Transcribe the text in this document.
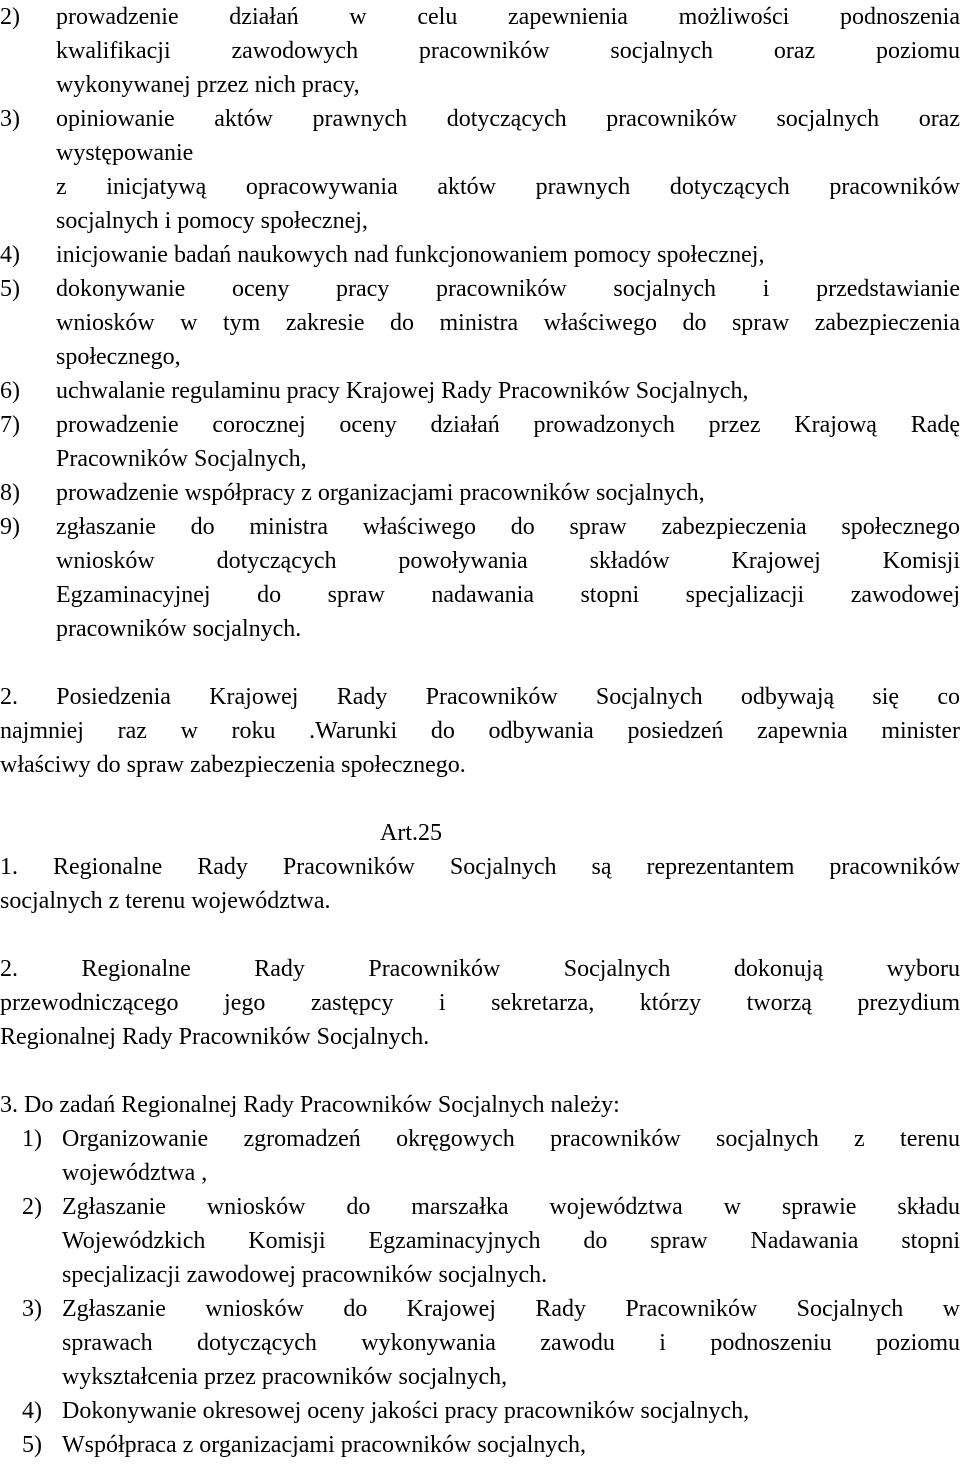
2)	prowadzenie działań w celu zapewnienia możliwości podnoszenia
kwalifikacji zawodowych pracowników socjalnych oraz poziomu
wykonywanej przez nich pracy,
3)	opiniowanie aktów prawnych dotyczących pracowników socjalnych oraz
występowanie
z inicjatywą opracowywania aktów prawnych dotyczących pracowników
socjalnych i pomocy społecznej,
4)	inicjowanie badań naukowych nad funkcjonowaniem pomocy społecznej,
5)	dokonywanie oceny pracy pracowników socjalnych i przedstawianie
wniosków w tym zakresie do ministra właściwego do spraw zabezpieczenia
społecznego,
6)	uchwalanie regulaminu pracy Krajowej Rady Pracowników Socjalnych,
7)	prowadzenie corocznej oceny działań prowadzonych przez Krajową Radę
Pracowników Socjalnych,
8)	prowadzenie współpracy z organizacjami pracowników socjalnych,
9)	zgłaszanie do ministra właściwego do spraw zabezpieczenia społecznego
wniosków dotyczących powoływania składów Krajowej Komisji
Egzaminacyjnej do spraw nadawania stopni specjalizacji zawodowej
pracowników socjalnych.
2. Posiedzenia Krajowej Rady Pracowników Socjalnych odbywają się co
najmniej raz w roku .Warunki do odbywania posiedzeń zapewnia minister
właściwy do spraw zabezpieczenia społecznego.
Art.25
1. Regionalne Rady Pracowników Socjalnych są reprezentantem pracowników
socjalnych z terenu województwa.
2. Regionalne Rady Pracowników Socjalnych dokonują wyboru
przewodniczącego jego zastępcy i sekretarza, którzy tworzą prezydium
Regionalnej Rady Pracowników Socjalnych.
3. Do zadań Regionalnej Rady Pracowników Socjalnych należy:
1) Organizowanie zgromadzeń okręgowych pracowników socjalnych z terenu
województwa ,
2) Zgłaszanie wniosków do marszałka województwa w sprawie składu
Wojewódzkich Komisji Egzaminacyjnych do spraw Nadawania stopni
specjalizacji zawodowej pracowników socjalnych.
3) Zgłaszanie wniosków do Krajowej Rady Pracowników Socjalnych w
sprawach dotyczących wykonywania zawodu i podnoszeniu poziomu
wykształcenia przez pracowników socjalnych,
4) Dokonywanie okresowej oceny jakości pracy pracowników socjalnych,
5) Współpraca z organizacjami pracowników socjalnych,
